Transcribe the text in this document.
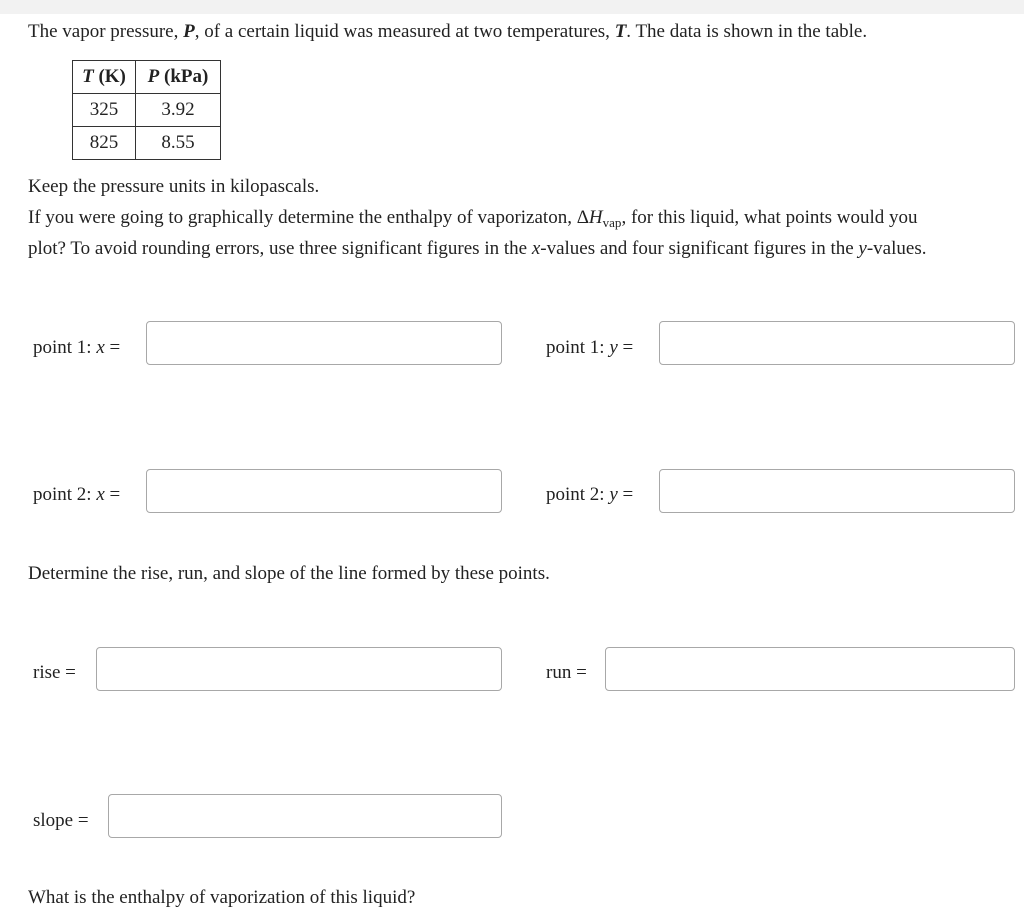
The vapor pressure, P, of a certain liquid was measured at two temperatures, T. The data is shown in the table.
T (K)	P (kPa)
325	3.92
825	8.55
Keep the pressure units in kilopascals.
If you were going to graphically determine the enthalpy of vaporizaton, $\Delta H_{vap}$, for this liquid, what points would you
plot? To avoid rounding errors, use three significant figures in the x-values and four significant figures in the y-values.
point 1: x =	point 1: y =
point 2: x =	point 2: y =
Determine the rise, run, and slope of the line formed by these points.
rise =	run =
slope =
What is the enthalpy of vaporization of this liquid?
